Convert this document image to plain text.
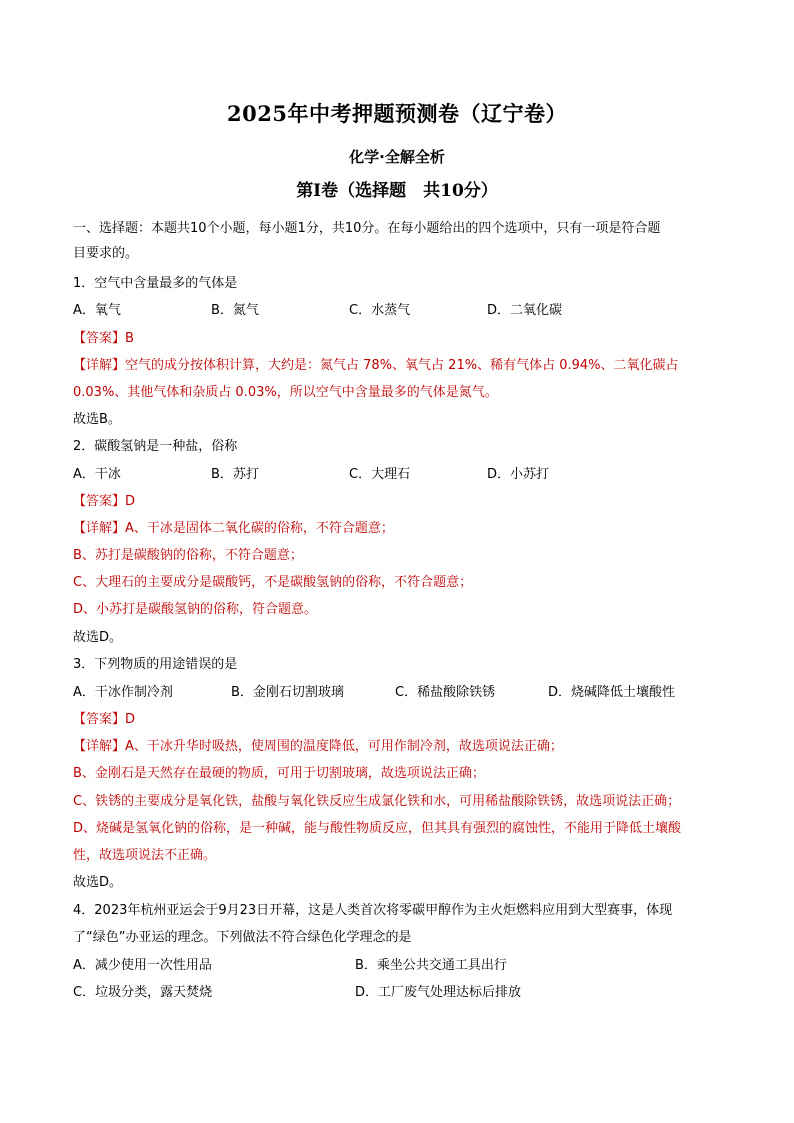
2025年中考押题预测卷（辽宁卷）
化学·全解全析
第I卷（选择题　共10分）
一、选择题：本题共10个小题，每小题1分，共10分。在每小题给出的四个选项中，只有一项是符合题
目要求的。
1．空气中含量最多的气体是
A．氧气	B．氮气	C．水蒸气	D．二氧化碳
【答案】B
【详解】空气的成分按体积计算，大约是：氮气占 78%、氧气占 21%、稀有气体占 0.94%、二氧化碳占
0.03%、其他气体和杂质占 0.03%，所以空气中含量最多的气体是氮气。
故选B。
2．碳酸氢钠是一种盐，俗称
A．干冰	B．苏打	C．大理石	D．小苏打
【答案】D
【详解】A、干冰是固体二氧化碳的俗称，不符合题意；
B、苏打是碳酸钠的俗称，不符合题意；
C、大理石的主要成分是碳酸钙，不是碳酸氢钠的俗称，不符合题意；
D、小苏打是碳酸氢钠的俗称，符合题意。
故选D。
3．下列物质的用途错误的是
A．干冰作制冷剂	B．金刚石切割玻璃	C．稀盐酸除铁锈	D．烧碱降低土壤酸性
【答案】D
【详解】A、干冰升华时吸热，使周围的温度降低，可用作制冷剂，故选项说法正确；
B、金刚石是天然存在最硬的物质，可用于切割玻璃，故选项说法正确；
C、铁锈的主要成分是氧化铁，盐酸与氧化铁反应生成氯化铁和水，可用稀盐酸除铁锈，故选项说法正确；
D、烧碱是氢氧化钠的俗称，是一种碱，能与酸性物质反应，但其具有强烈的腐蚀性，不能用于降低土壤酸
性，故选项说法不正确。
故选D。
4．2023年杭州亚运会于9月23日开幕，这是人类首次将零碳甲醇作为主火炬燃料应用到大型赛事，体现
了“绿色”办亚运的理念。下列做法不符合绿色化学理念的是
A．减少使用一次性用品	B．乘坐公共交通工具出行
C．垃圾分类，露天焚烧	D．工厂废气处理达标后排放
